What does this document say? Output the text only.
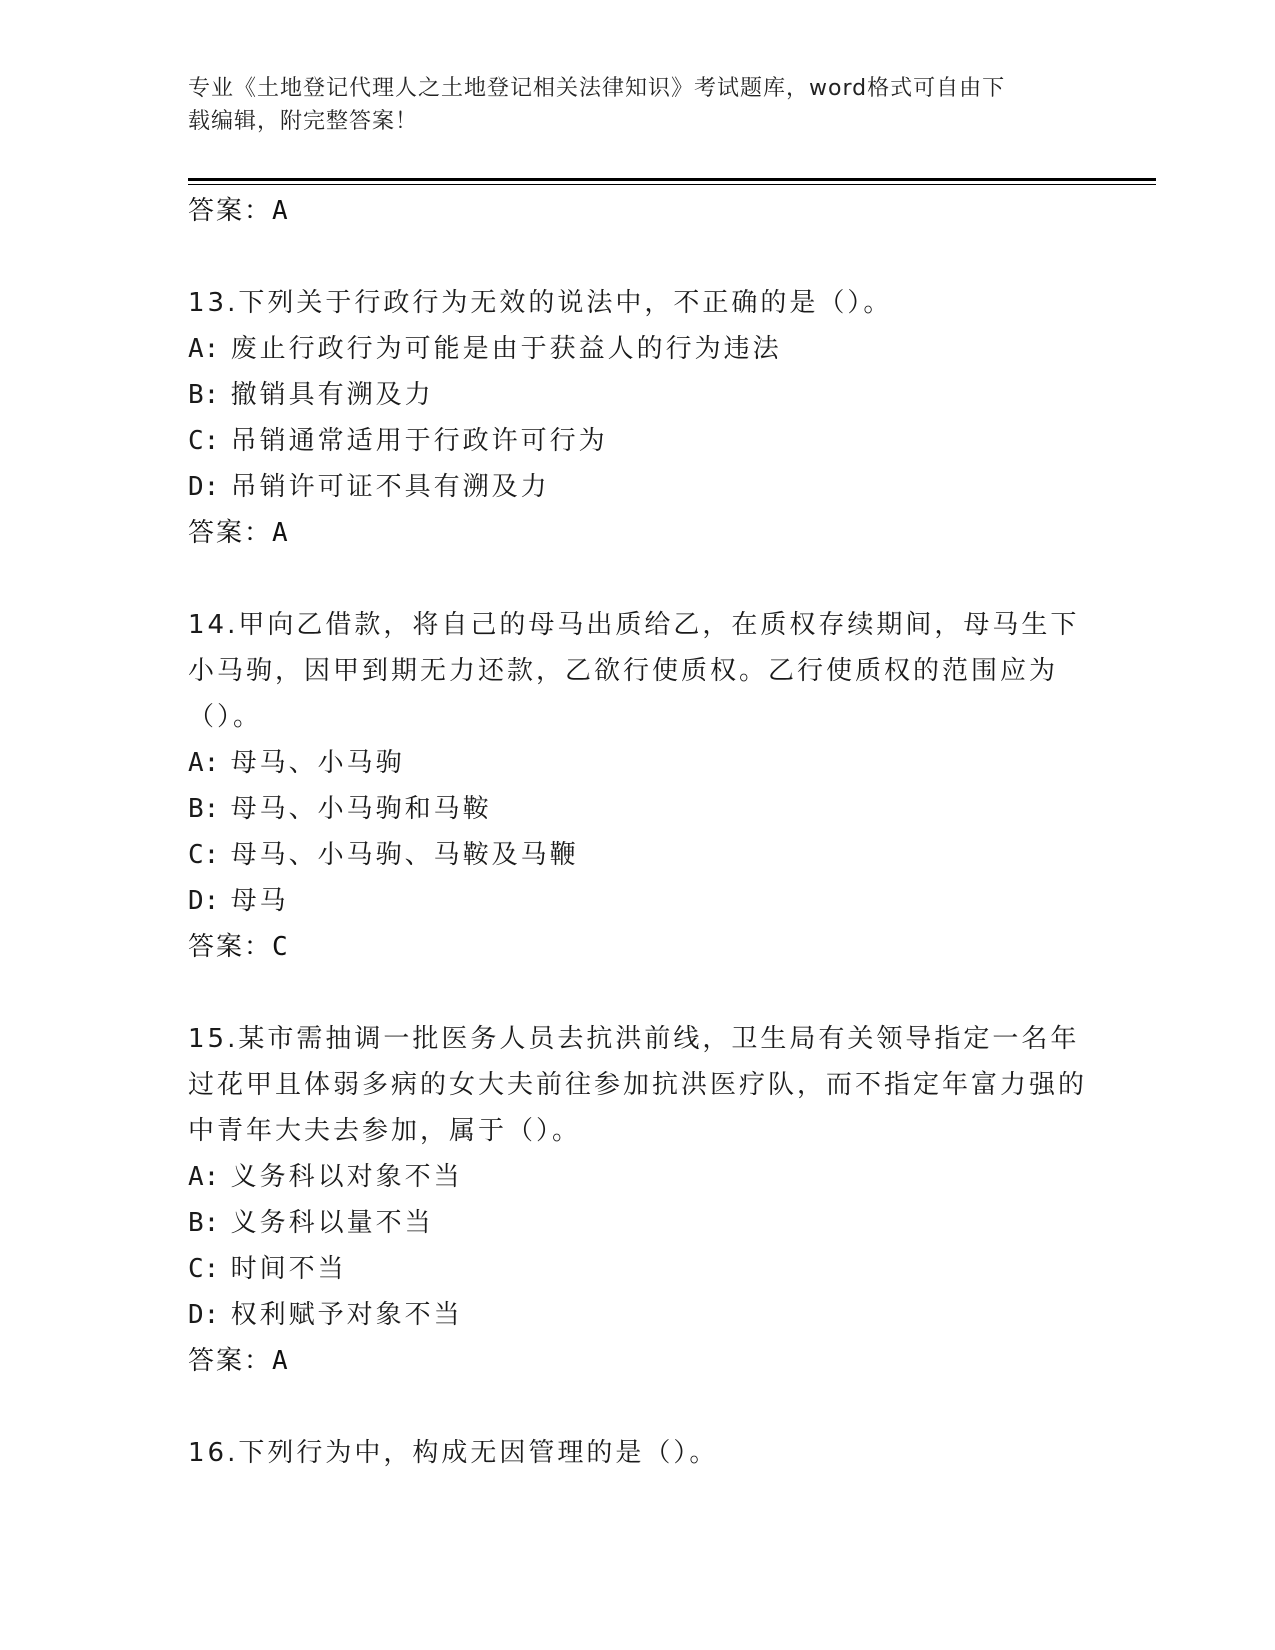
专业《土地登记代理人之土地登记相关法律知识》考试题库，word格式可自由下
载编辑，附完整答案！
答案：A
13.下列关于行政行为无效的说法中，不正确的是（）。
A: 废止行政行为可能是由于获益人的行为违法
B: 撤销具有溯及力
C: 吊销通常适用于行政许可行为
D: 吊销许可证不具有溯及力
答案：A
14.甲向乙借款，将自己的母马出质给乙，在质权存续期间，母马生下小马驹，因甲到期无力还款，乙欲行使质权。乙行使质权的范围应为（）。
A: 母马、小马驹
B: 母马、小马驹和马鞍
C: 母马、小马驹、马鞍及马鞭
D: 母马
答案：C
15.某市需抽调一批医务人员去抗洪前线，卫生局有关领导指定一名年过花甲且体弱多病的女大夫前往参加抗洪医疗队，而不指定年富力强的中青年大夫去参加，属于（）。
A: 义务科以对象不当
B: 义务科以量不当
C: 时间不当
D: 权利赋予对象不当
答案：A
16.下列行为中，构成无因管理的是（）。
